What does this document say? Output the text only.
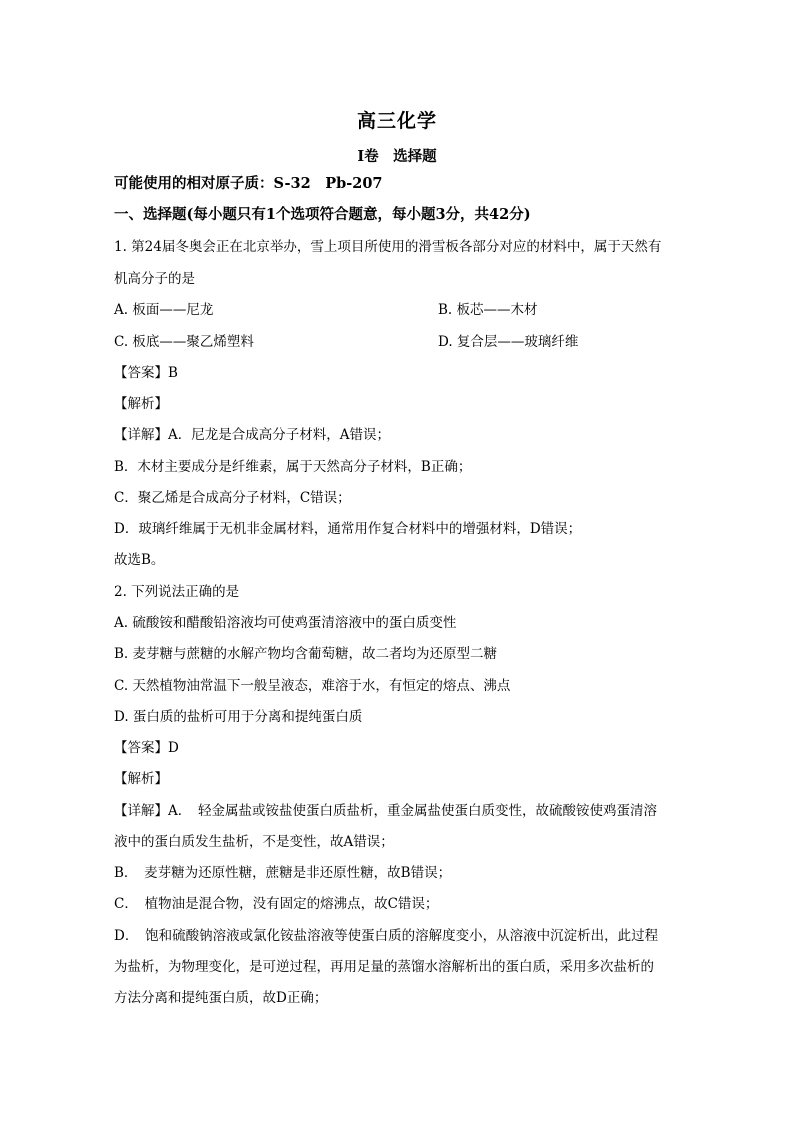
高三化学
I卷　选择题
可能使用的相对原子质：S-32　Pb-207
一、选择题(每小题只有1个选项符合题意，每小题3分，共42分)
1. 第24届冬奥会正在北京举办，雪上项目所使用的滑雪板各部分对应的材料中，属于天然有
机高分子的是
A. 板面——尼龙	B. 板芯——木材
C. 板底——聚乙烯塑料	D. 复合层——玻璃纤维
【答案】B
【解析】
【详解】A．尼龙是合成高分子材料，A错误；
B．木材主要成分是纤维素，属于天然高分子材料，B正确；
C．聚乙烯是合成高分子材料，C错误；
D．玻璃纤维属于无机非金属材料，通常用作复合材料中的增强材料，D错误；
故选B。
2. 下列说法正确的是
A. 硫酸铵和醋酸铅溶液均可使鸡蛋清溶液中的蛋白质变性
B. 麦芽糖与蔗糖的水解产物均含葡萄糖，故二者均为还原型二糖
C. 天然植物油常温下一般呈液态，难溶于水，有恒定的熔点、沸点
D. 蛋白质的盐析可用于分离和提纯蛋白质
【答案】D
【解析】
【详解】A．　轻金属盐或铵盐使蛋白质盐析，重金属盐使蛋白质变性，故硫酸铵使鸡蛋清溶
液中的蛋白质发生盐析，不是变性，故A错误；
B．　麦芽糖为还原性糖，蔗糖是非还原性糖，故B错误；
C．　植物油是混合物，没有固定的熔沸点，故C错误；
D．　饱和硫酸钠溶液或氯化铵盐溶液等使蛋白质的溶解度变小，从溶液中沉淀析出，此过程
为盐析，为物理变化，是可逆过程，再用足量的蒸馏水溶解析出的蛋白质，采用多次盐析的
方法分离和提纯蛋白质，故D正确；
